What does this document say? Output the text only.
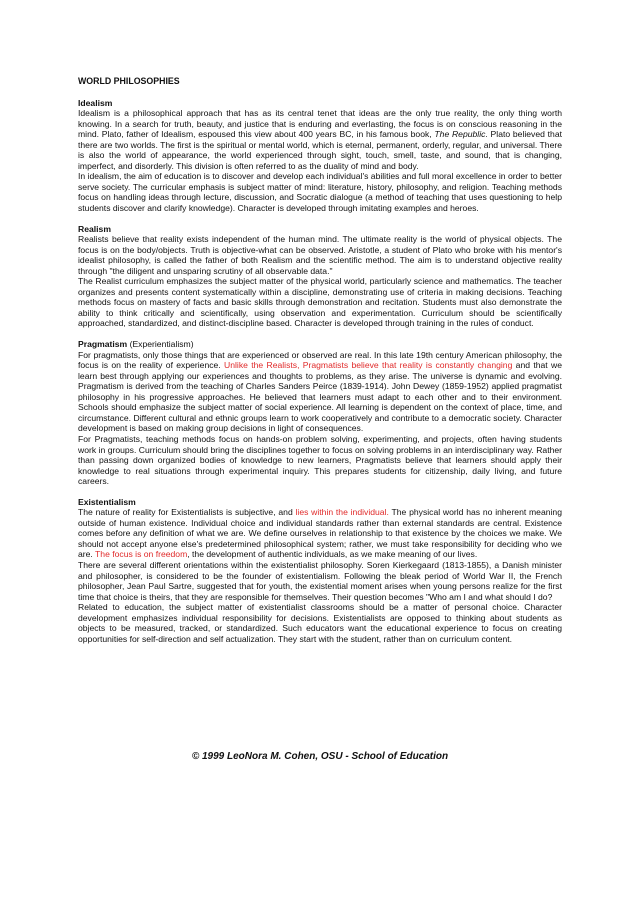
WORLD PHILOSOPHIES
Idealism

Idealism is a philosophical approach that has as its central tenet that ideas are the only true reality, the only thing worth knowing. In a search for truth, beauty, and justice that is enduring and everlasting, the focus is on conscious reasoning in the mind. Plato, father of Idealism, espoused this view about 400 years BC, in his famous book, The Republic. Plato believed that there are two worlds. The first is the spiritual or mental world, which is eternal, permanent, orderly, regular, and universal. There is also the world of appearance, the world experienced through sight, touch, smell, taste, and sound, that is changing, imperfect, and disorderly. This division is often referred to as the duality of mind and body.

In idealism, the aim of education is to discover and develop each individual's abilities and full moral excellence in order to better serve society. The curricular emphasis is subject matter of mind: literature, history, philosophy, and religion. Teaching methods focus on handling ideas through lecture, discussion, and Socratic dialogue (a method of teaching that uses questioning to help students discover and clarify knowledge). Character is developed through imitating examples and heroes.

Realism

Realists believe that reality exists independent of the human mind. The ultimate reality is the world of physical objects. The focus is on the body/objects. Truth is objective-what can be observed. Aristotle, a student of Plato who broke with his mentor's idealist philosophy, is called the father of both Realism and the scientific method. The aim is to understand objective reality through "the diligent and unsparing scrutiny of all observable data."

The Realist curriculum emphasizes the subject matter of the physical world, particularly science and mathematics. The teacher organizes and presents content systematically within a discipline, demonstrating use of criteria in making decisions. Teaching methods focus on mastery of facts and basic skills through demonstration and recitation. Students must also demonstrate the ability to think critically and scientifically, using observation and experimentation. Curriculum should be scientifically approached, standardized, and distinct-discipline based. Character is developed through training in the rules of conduct.

Pragmatism (Experientialism)

For pragmatists, only those things that are experienced or observed are real. In this late 19th century American philosophy, the focus is on the reality of experience. Unlike the Realists, Pragmatists believe that reality is constantly changing and that we learn best through applying our experiences and thoughts to problems, as they arise. The universe is dynamic and evolving. Pragmatism is derived from the teaching of Charles Sanders Peirce (1839-1914). John Dewey (1859-1952) applied pragmatist philosophy in his progressive approaches. He believed that learners must adapt to each other and to their environment. Schools should emphasize the subject matter of social experience. All learning is dependent on the context of place, time, and circumstance. Different cultural and ethnic groups learn to work cooperatively and contribute to a democratic society. Character development is based on making group decisions in light of consequences.

For Pragmatists, teaching methods focus on hands-on problem solving, experimenting, and projects, often having students work in groups. Curriculum should bring the disciplines together to focus on solving problems in an interdisciplinary way. Rather than passing down organized bodies of knowledge to new learners, Pragmatists believe that learners should apply their knowledge to real situations through experimental inquiry. This prepares students for citizenship, daily living, and future careers.

Existentialism

The nature of reality for Existentialists is subjective, and lies within the individual. The physical world has no inherent meaning outside of human existence. Individual choice and individual standards rather than external standards are central. Existence comes before any definition of what we are. We define ourselves in relationship to that existence by the choices we make. We should not accept anyone else's predetermined philosophical system; rather, we must take responsibility for deciding who we are. The focus is on freedom, the development of authentic individuals, as we make meaning of our lives.

There are several different orientations within the existentialist philosophy. Soren Kierkegaard (1813-1855), a Danish minister and philosopher, is considered to be the founder of existentialism. Following the bleak period of World War II, the French philosopher, Jean Paul Sartre, suggested that for youth, the existential moment arises when young persons realize for the first time that choice is theirs, that they are responsible for themselves. Their question becomes "Who am I and what should I do?

Related to education, the subject matter of existentialist classrooms should be a matter of personal choice. Character development emphasizes individual responsibility for decisions. Existentialists are opposed to thinking about students as objects to be measured, tracked, or standardized. Such educators want the educational experience to focus on creating opportunities for self-direction and self actualization. They start with the student, rather than on curriculum content.

© 1999 LeoNora M. Cohen, OSU - School of Education
